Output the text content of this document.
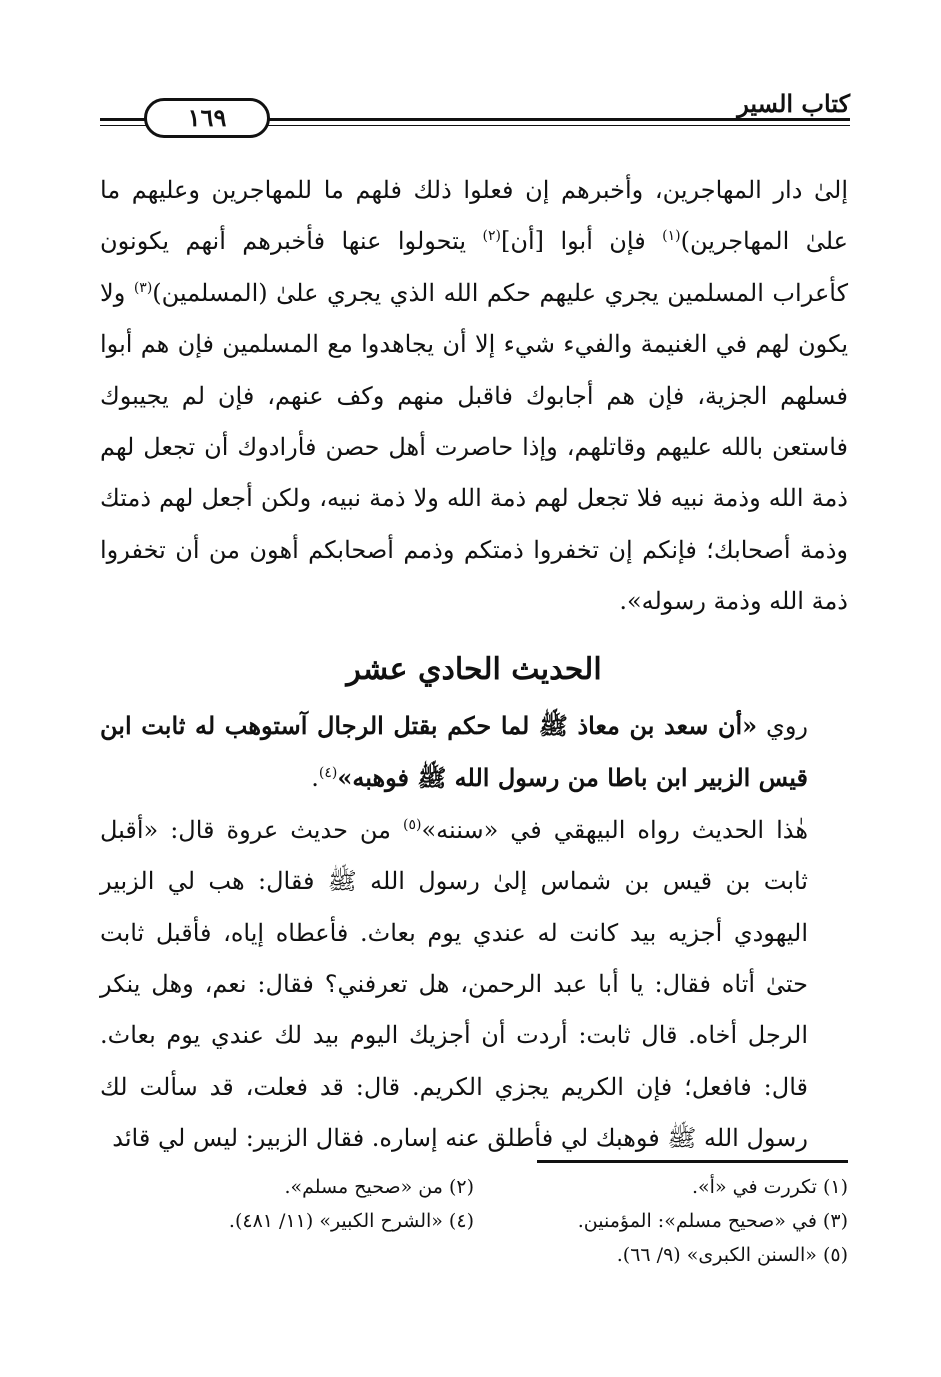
١٦٩	كتاب السير

إلىٰ دار المهاجرين، وأخبرهم إن فعلوا ذلك فلهم ما للمهاجرين وعليهم ما علىٰ المهاجرين)$^{(١)}$ فإن أبوا [أن]$^{(٢)}$ يتحولوا عنها فأخبرهم أنهم يكونون كأعراب المسلمين يجري عليهم حكم الله الذي يجري علىٰ (المسلمين)$^{(٣)}$ ولا يكون لهم في الغنيمة والفيء شيء إلا أن يجاهدوا مع المسلمين فإن هم أبوا فسلهم الجزية، فإن هم أجابوك فاقبل منهم وكف عنهم، فإن لم يجيبوك فاستعن بالله عليهم وقاتلهم، وإذا حاصرت أهل حصن فأرادوك أن تجعل لهم ذمة الله وذمة نبيه فلا تجعل لهم ذمة الله ولا ذمة نبيه، ولكن أجعل لهم ذمتك وذمة أصحابك؛ فإنكم إن تخفروا ذمتكم وذمم أصحابكم أهون من أن تخفروا ذمة الله وذمة رسوله».

الحديث الحادي عشر

روي «أن سعد بن معاذ ﷺ لما حكم بقتل الرجال آستوهب له ثابت ابن قيس الزبير ابن باطا من رسول الله ﷺ فوهبه»$^{(٤)}$.

هٰذا الحديث رواه البيهقي في «سننه»$^{(٥)}$ من حديث عروة قال: «أقبل ثابت بن قيس بن شماس إلىٰ رسول الله ﷺ فقال: هب لي الزبير اليهودي أجزيه بيد كانت له عندي يوم بعاث. فأعطاه إياه، فأقبل ثابت حتىٰ أتاه فقال: يا أبا عبد الرحمن، هل تعرفني؟ فقال: نعم، وهل ينكر الرجل أخاه. قال ثابت: أردت أن أجزيك اليوم بيد لك عندي يوم بعاث. قال: فافعل؛ فإن الكريم يجزي الكريم. قال: قد فعلت، قد سألت لك رسول الله ﷺ فوهبك لي فأطلق عنه إساره. فقال الزبير: ليس لي قائد

(١) تكررت في «أ».
(٢) من «صحيح مسلم».
(٣) في «صحيح مسلم»: المؤمنين.
(٤) «الشرح الكبير» (١١/ ٤٨١).
(٥) «السنن الكبرى» (٩/ ٦٦).
